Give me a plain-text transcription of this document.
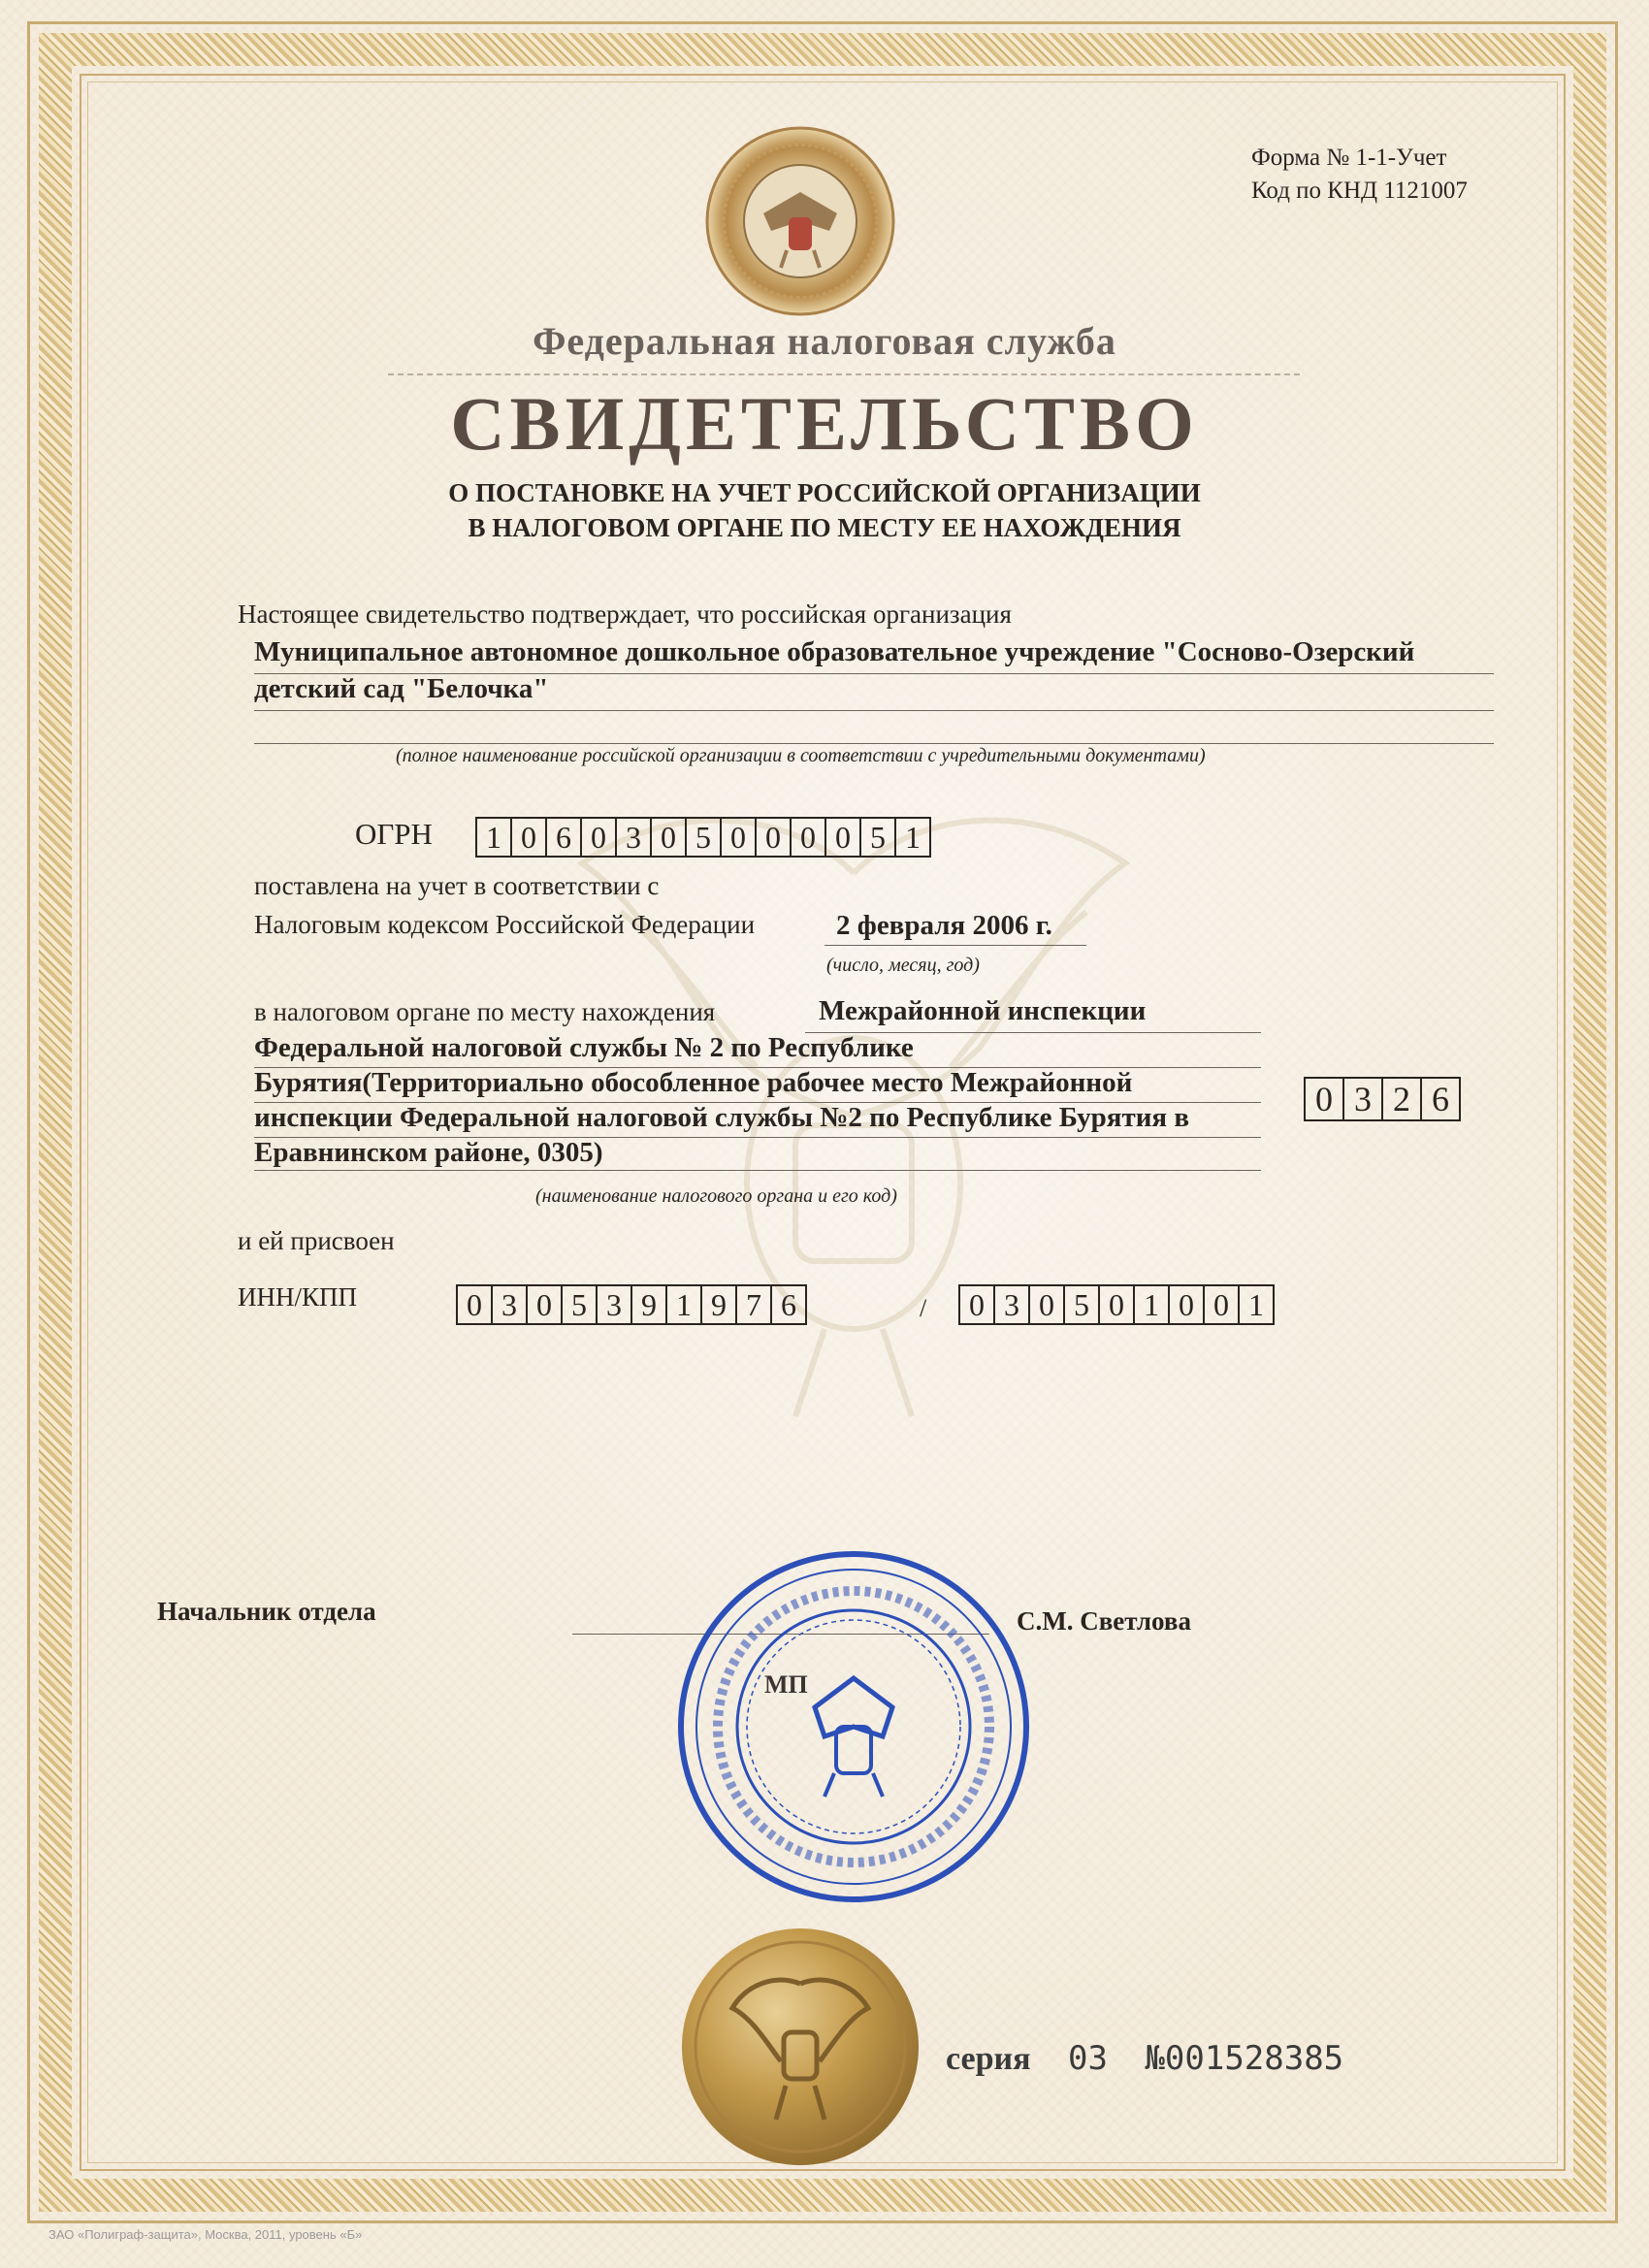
Форма № 1-1-Учет
Код по КНД 1121007
Федеральная налоговая служба
СВИДЕТЕЛЬСТВО
О ПОСТАНОВКЕ НА УЧЕТ РОССИЙСКОЙ ОРГАНИЗАЦИИ
В НАЛОГОВОМ ОРГАНЕ ПО МЕСТУ ЕЕ НАХОЖДЕНИЯ
Настоящее свидетельство подтверждает, что российская организация
Муниципальное автономное дошкольное образовательное учреждение "Сосново-Озерский
детский сад "Белочка"
(полное наименование российской организации в соответствии с учредительными документами)
ОГРН 1 0 6 0 3 0 5 0 0 0 0 5 1
поставлена на учет в соответствии с
Налоговым кодексом Российской Федерации	2 февраля 2006 г.
(число, месяц, год)
в налоговом органе по месту нахождения	Межрайонной инспекции
Федеральной налоговой службы № 2 по Республике
Бурятия(Территориально обособленное рабочее место Межрайонной
инспекции Федеральной налоговой службы №2 по Республике Бурятия в
Еравнинском районе, 0305)
0 3 2 6
(наименование налогового органа и его код)
и ей присвоен
ИНН/КПП	0 3 0 5 3 9 1 9 7 6	/ 0 3 0 5 0 1 0 0 1
Начальник отдела	С.М. Светлова
МП
серия 03 №001528385
ЗАО «Полиграф-защита», Москва, 2011, уровень «Б»
